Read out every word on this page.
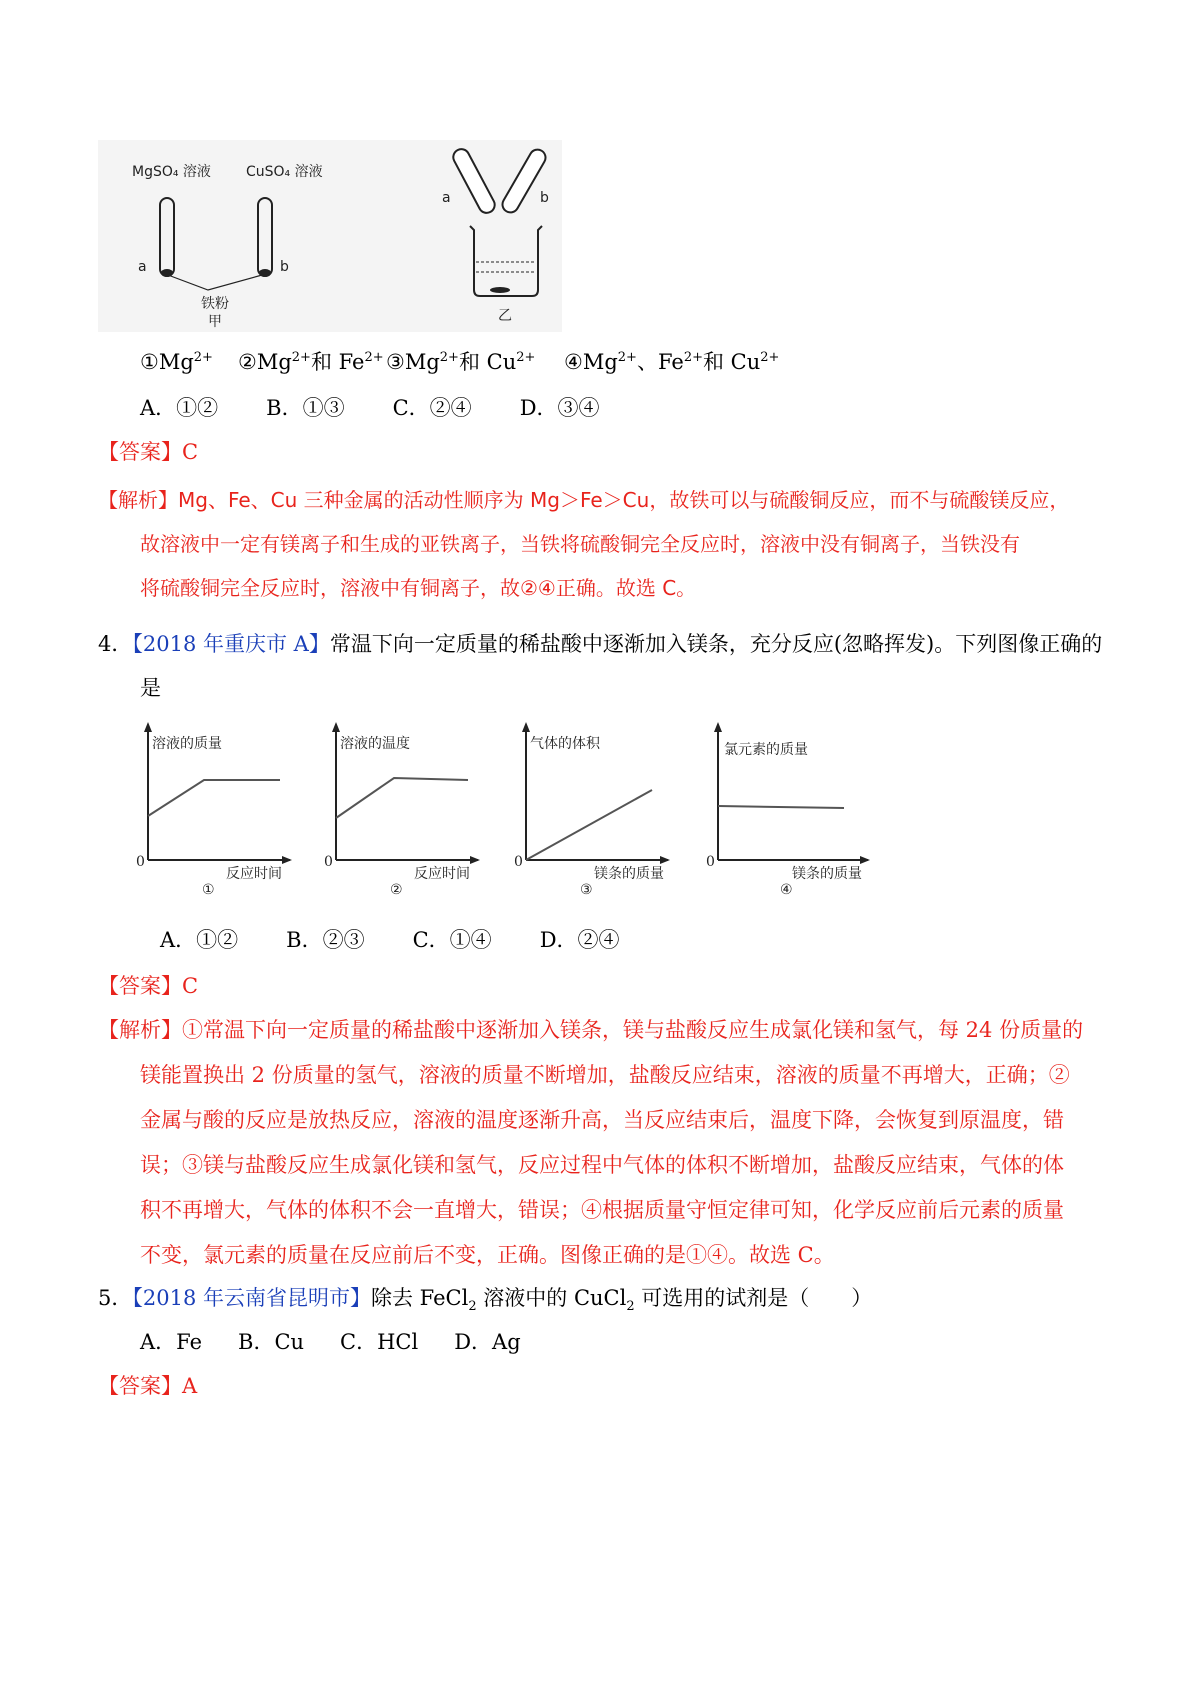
MgSO₄ 溶液	CuSO₄ 溶液
a	b
铁粉
甲
a	b
乙
$①Mg^{2+}$ $②Mg^{2+}$和 $Fe^{2+}$ $③Mg^{2+}$和 $Cu^{2+}$ $④Mg^{2+}$、$Fe^{2+}$和 $Cu^{2+}$
A．①② B．①③ C．②④ D．③④
【答案】C
【解析】Mg、Fe、Cu 三种金属的活动性顺序为 Mg＞Fe＞Cu，故铁可以与硫酸铜反应，而不与硫酸镁反应，
故溶液中一定有镁离子和生成的亚铁离子，当铁将硫酸铜完全反应时，溶液中没有铜离子，当铁没有
将硫酸铜完全反应时，溶液中有铜离子，故②④正确。故选 C。
4．【2018 年重庆市 A】常温下向一定质量的稀盐酸中逐渐加入镁条，充分反应(忽略挥发)。下列图像正确的
是
溶液的质量
0
反应时间
①
溶液的温度
0
反应时间
②
气体的体积
0
镁条的质量
③
氯元素的质量
0
镁条的质量
④
A．①② B．②③ C．①④ D．②④
【答案】C
【解析】①常温下向一定质量的稀盐酸中逐渐加入镁条，镁与盐酸反应生成氯化镁和氢气，每 24 份质量的
镁能置换出 2 份质量的氢气，溶液的质量不断增加，盐酸反应结束，溶液的质量不再增大，正确；②
金属与酸的反应是放热反应，溶液的温度逐渐升高，当反应结束后，温度下降，会恢复到原温度，错
误；③镁与盐酸反应生成氯化镁和氢气，反应过程中气体的体积不断增加，盐酸反应结束，气体的体
积不再增大，气体的体积不会一直增大，错误；④根据质量守恒定律可知，化学反应前后元素的质量
不变，氯元素的质量在反应前后不变，正确。图像正确的是①④。故选 C。
5．【2018 年云南省昆明市】除去 FeCl$_2$ 溶液中的 CuCl$_2$ 可选用的试剂是（　　）
A．Fe B．Cu C．HCl D．Ag
【答案】A
